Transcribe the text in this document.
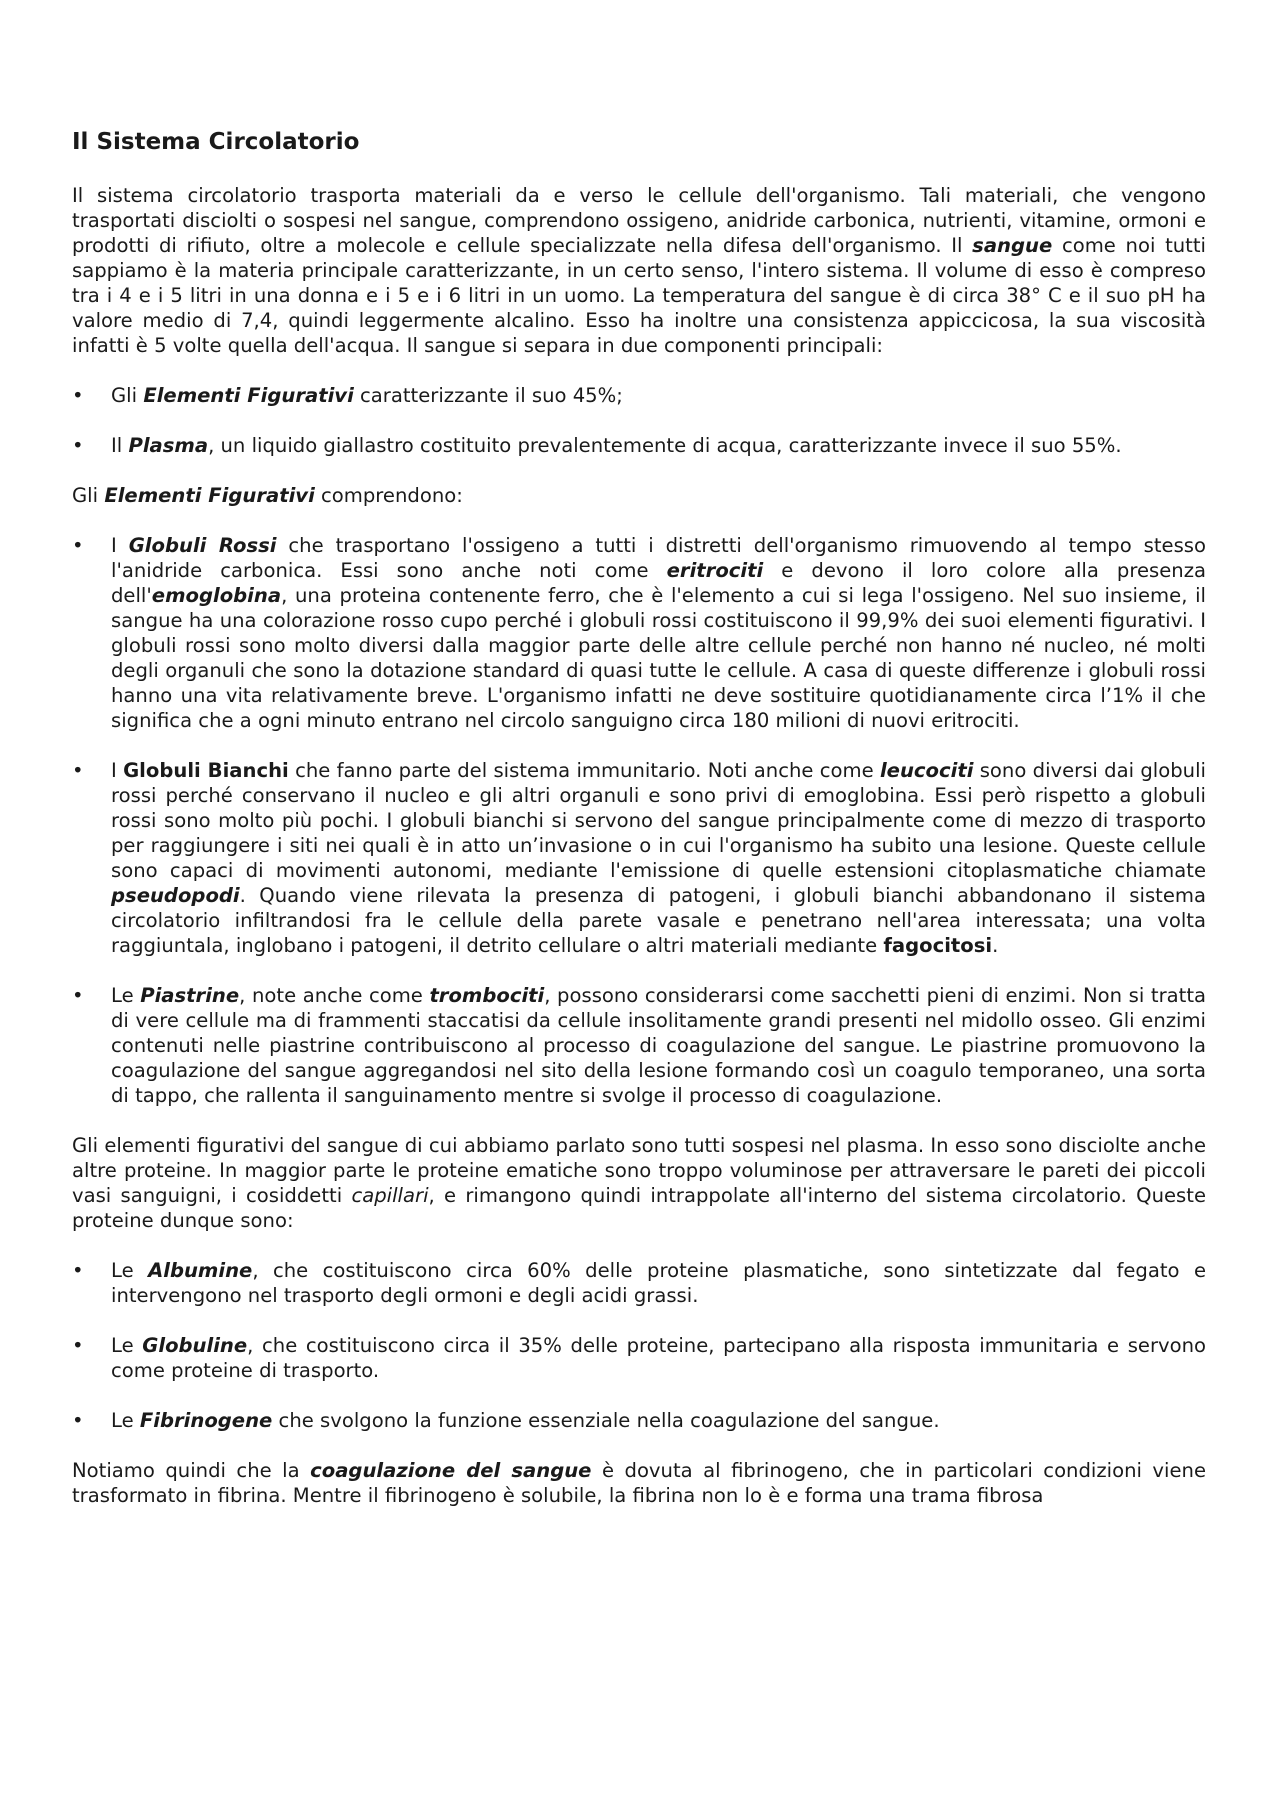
Il Sistema Circolatorio

Il sistema circolatorio trasporta materiali da e verso le cellule dell'organismo. Tali materiali, che vengono trasportati disciolti o sospesi nel sangue, comprendono ossigeno, anidride carbonica, nutrienti, vitamine, ormoni e prodotti di rifiuto, oltre a molecole e cellule specializzate nella difesa dell'organismo. Il sangue come noi tutti sappiamo è la materia principale caratterizzante, in un certo senso, l'intero sistema. Il volume di esso è compreso tra i 4 e i 5 litri in una donna e i 5 e i 6 litri in un uomo. La temperatura del sangue è di circa 38° C e il suo pH ha valore medio di 7,4, quindi leggermente alcalino. Esso ha inoltre una consistenza appiccicosa, la sua viscosità infatti è 5 volte quella dell'acqua. Il sangue si separa in due componenti principali:

• Gli Elementi Figurativi caratterizzante il suo 45%;
• Il Plasma, un liquido giallastro costituito prevalentemente di acqua, caratterizzante invece il suo 55%.

Gli Elementi Figurativi comprendono:

• I Globuli Rossi che trasportano l'ossigeno a tutti i distretti dell'organismo rimuovendo al tempo stesso l'anidride carbonica. Essi sono anche noti come eritrociti e devono il loro colore alla presenza dell'emoglobina, una proteina contenente ferro, che è l'elemento a cui si lega l'ossigeno. Nel suo insieme, il sangue ha una colorazione rosso cupo perché i globuli rossi costituiscono il 99,9% dei suoi elementi figurativi. I globuli rossi sono molto diversi dalla maggior parte delle altre cellule perché non hanno né nucleo, né molti degli organuli che sono la dotazione standard di quasi tutte le cellule. A casa di queste differenze i globuli rossi hanno una vita relativamente breve. L'organismo infatti ne deve sostituire quotidianamente circa l’1% il che significa che a ogni minuto entrano nel circolo sanguigno circa 180 milioni di nuovi eritrociti.
• I Globuli Bianchi che fanno parte del sistema immunitario. Noti anche come leucociti sono diversi dai globuli rossi perché conservano il nucleo e gli altri organuli e sono privi di emoglobina. Essi però rispetto a globuli rossi sono molto più pochi. I globuli bianchi si servono del sangue principalmente come di mezzo di trasporto per raggiungere i siti nei quali è in atto un’invasione o in cui l'organismo ha subito una lesione. Queste cellule sono capaci di movimenti autonomi, mediante l'emissione di quelle estensioni citoplasmatiche chiamate pseudopodi. Quando viene rilevata la presenza di patogeni, i globuli bianchi abbandonano il sistema circolatorio infiltrandosi fra le cellule della parete vasale e penetrano nell'area interessata; una volta raggiuntala, inglobano i patogeni, il detrito cellulare o altri materiali mediante fagocitosi.
• Le Piastrine, note anche come trombociti, possono considerarsi come sacchetti pieni di enzimi. Non si tratta di vere cellule ma di frammenti staccatisi da cellule insolitamente grandi presenti nel midollo osseo. Gli enzimi contenuti nelle piastrine contribuiscono al processo di coagulazione del sangue. Le piastrine promuovono la coagulazione del sangue aggregandosi nel sito della lesione formando così un coagulo temporaneo, una sorta di tappo, che rallenta il sanguinamento mentre si svolge il processo di coagulazione.

Gli elementi figurativi del sangue di cui abbiamo parlato sono tutti sospesi nel plasma. In esso sono disciolte anche altre proteine. In maggior parte le proteine ematiche sono troppo voluminose per attraversare le pareti dei piccoli vasi sanguigni, i cosiddetti capillari, e rimangono quindi intrappolate all'interno del sistema circolatorio. Queste proteine dunque sono:

• Le Albumine, che costituiscono circa 60% delle proteine plasmatiche, sono sintetizzate dal fegato e intervengono nel trasporto degli ormoni e degli acidi grassi.
• Le Globuline, che costituiscono circa il 35% delle proteine, partecipano alla risposta immunitaria e servono come proteine di trasporto.
• Le Fibrinogene che svolgono la funzione essenziale nella coagulazione del sangue.

Notiamo quindi che la coagulazione del sangue è dovuta al fibrinogeno, che in particolari condizioni viene trasformato in fibrina. Mentre il fibrinogeno è solubile, la fibrina non lo è e forma una trama fibrosa
